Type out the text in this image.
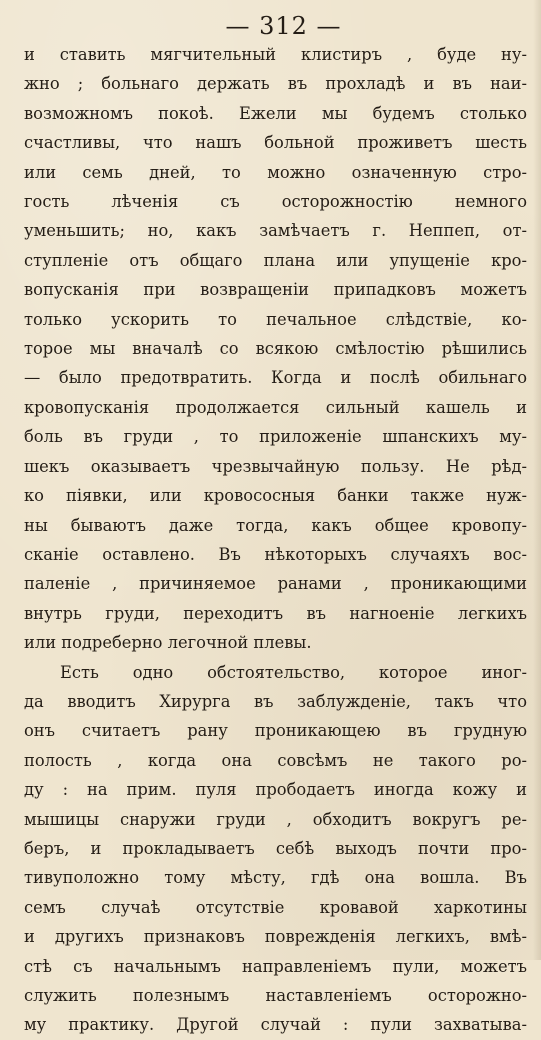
— 312 —
и ставить мягчительный клистиръ , буде ну-
жно ; больнаго держать въ прохладѣ и въ наи-
возможномъ покоѣ. Ежели мы будемъ столько
счастливы, что нашъ больной проживетъ шесть
или семь дней, то можно означенную стро-
гость лѣченія съ осторожностію немного
уменьшить; но, какъ замѣчаетъ г. Неппеп, от-
ступленіе отъ общаго плана или упущеніе кро-
вопусканія при возвращеніи припадковъ можетъ
только ускорить то печальное слѣдствіе, ко-
торое мы вначалѣ со всякою смѣлостію рѣшились
— было предотвратить. Когда и послѣ обильнаго
кровопусканія продолжается сильный кашель и
боль въ груди , то приложеніе шпанскихъ му-
шекъ оказываетъ чрезвычайную пользу. Не рѣд-
ко піявки, или кровососныя банки также нуж-
ны бываютъ даже тогда, какъ общее кровопу-
сканіе оставлено. Въ нѣкоторыхъ случаяхъ вос-
паленіе , причиняемое ранами , проникающими
внутрь груди, переходитъ въ нагноеніе легкихъ
или подреберно легочной плевы.
Есть одно обстоятельство, которое иног-
да вводитъ Хирурга въ заблужденіе, такъ что
онъ считаетъ рану проникающею въ грудную
полость , когда она совсѣмъ не такого ро-
ду : на прим. пуля прободаетъ иногда кожу и
мышицы снаружи груди , обходитъ вокругъ ре-
беръ, и прокладываетъ себѣ выходъ почти про-
тивуположно тому мѣсту, гдѣ она вошла. Въ
семъ случаѣ отсутствіе кровавой харкотины
и другихъ признаковъ поврежденія легкихъ, вмѣ-
стѣ съ начальнымъ направленіемъ пули, можетъ
служить полезнымъ наставленіемъ осторожно-
му практику. Другой случай : пули захватыва-
